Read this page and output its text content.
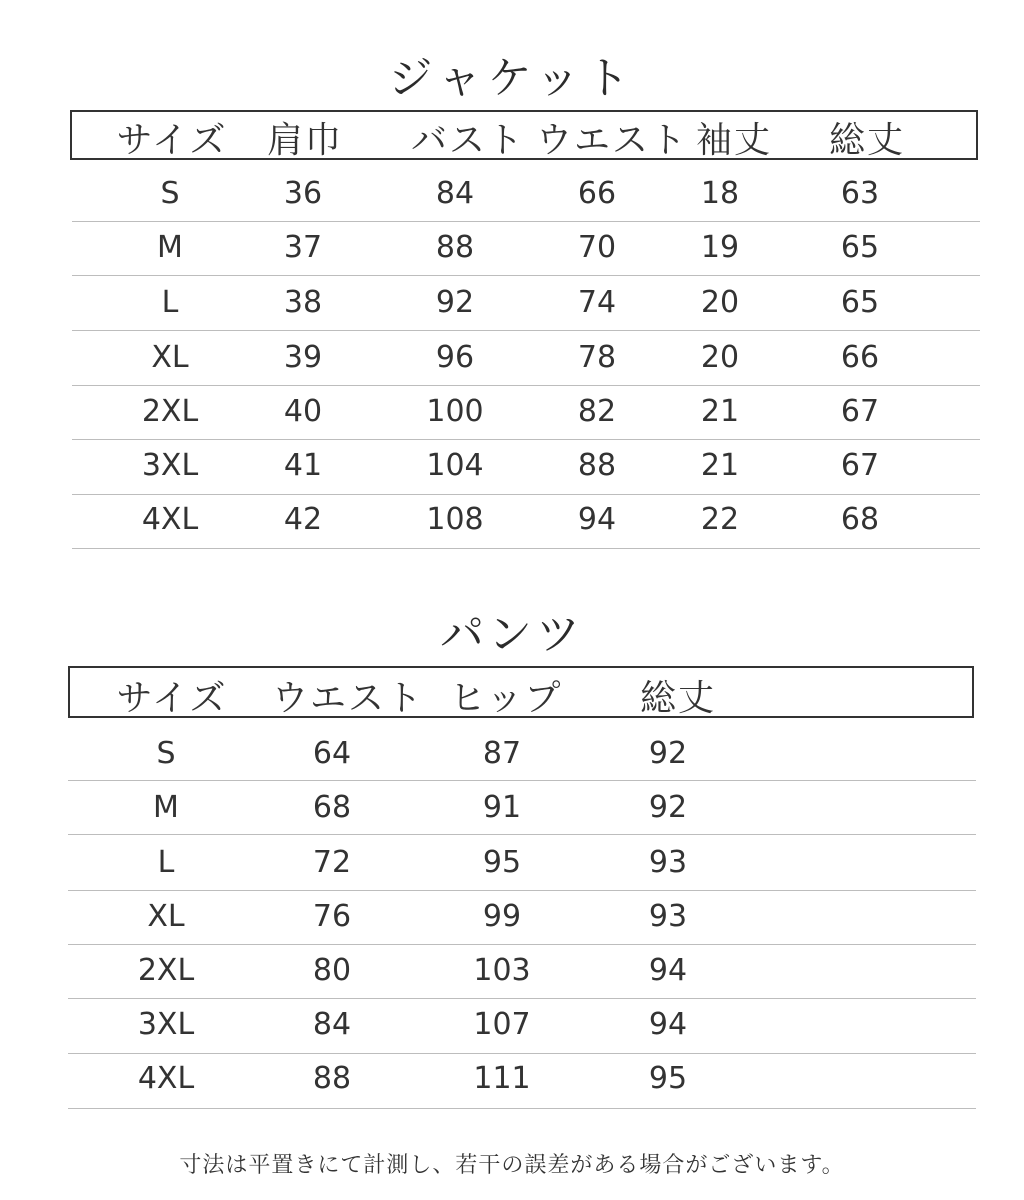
ジャケット
サイズ 肩巾 バスト ウエスト 袖丈 総丈
S	36	84	66	18	63
M	37	88	70	19	65
L	38	92	74	20	65
XL	39	96	78	20	66
2XL	40	100	82	21	67
3XL	41	104	88	21	67
4XL	42	108	94	22	68
パンツ
サイズ ウエスト ヒップ 総丈
S	64	87	92
M	68	91	92
L	72	95	93
XL	76	99	93
2XL	80	103	94
3XL	84	107	94
4XL	88	111	95
寸法は平置きにて計測し、若干の誤差がある場合がございます。
